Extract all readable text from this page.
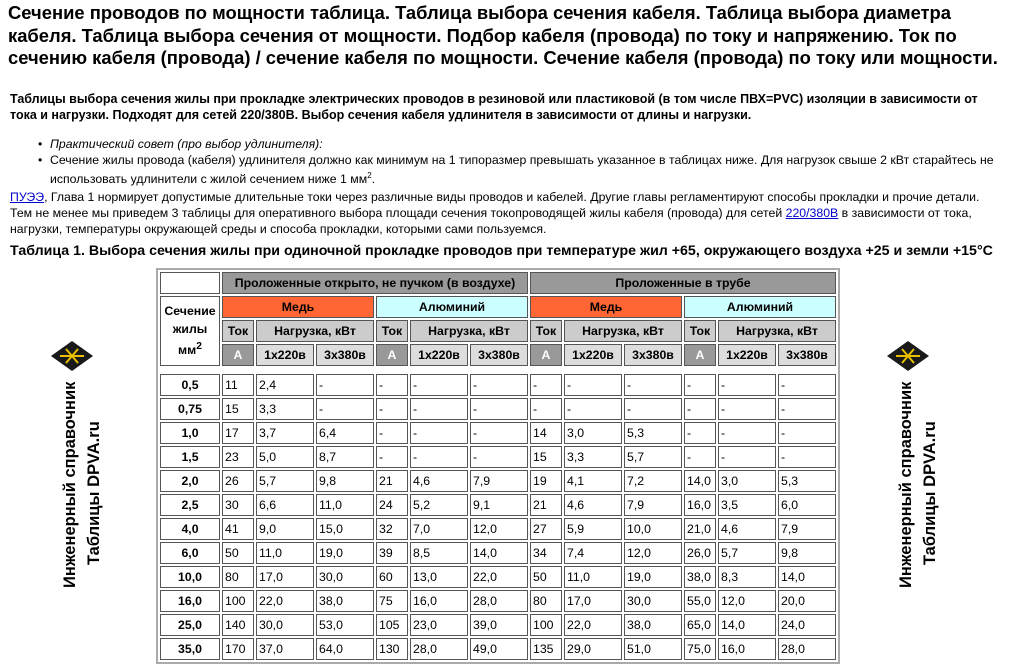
Сечение проводов по мощности таблица. Таблица выбора сечения кабеля. Таблица выбора диаметра кабеля. Таблица выбора сечения от мощности. Подбор кабеля (провода) по току и напряжению. Ток по сечению кабеля (провода) / сечение кабеля по мощности. Сечение кабеля (провода) по току или мощности.

Таблицы выбора сечения жилы при прокладке электрических проводов в резиновой или пластиковой (в том числе ПВХ=PVC) изоляции в зависимости от тока и нагрузки. Подходят для сетей 220/380В. Выбор сечения кабеля удлинителя в зависимости от длины и нагрузки.

• Практический совет (про выбор удлинителя):
• Сечение жилы провода (кабеля) удлинителя должно как минимум на 1 типоразмер превышать указанное в таблицах ниже. Для нагрузок свыше 2 кВт старайтесь не использовать удлинители с жилой сечением ниже 1 $мм^2$.

ПУЭЭ, Глава 1 нормирует допустимые длительные токи через различные виды проводов и кабелей. Другие главы регламентируют способы прокладки и прочие детали. Тем не менее мы приведем 3 таблицы для оперативного выбора площади сечения токопроводящей жилы кабеля (провода) для сетей 220/380В в зависимости от тока, нагрузки, температуры окружающей среды и способа прокладки, которыми сами пользуемся.

Таблица 1. Выбора сечения жилы при одиночной прокладке проводов при температуре жил +65, окружающего воздуха +25 и земли +15°С

	Проложенные открыто, не пучком (в воздухе)						Проложенные в трубе					
Сечение жилы $мм^2$	Медь			Алюминий			Медь			Алюминий		
	Ток	Нагрузка, кВт		Ток	Нагрузка, кВт		Ток	Нагрузка, кВт		Ток	Нагрузка, кВт	
	А	1х220в	3х380в	А	1х220в	3х380в	А	1х220в	3х380в	А	1х220в	3х380в

0,5	11	2,4	-	-	-	-	-	-	-	-	-	-
0,75	15	3,3	-	-	-	-	-	-	-	-	-	-
1,0	17	3,7	6,4	-	-	-	14	3,0	5,3	-	-	-
1,5	23	5,0	8,7	-	-	-	15	3,3	5,7	-	-	-
2,0	26	5,7	9,8	21	4,6	7,9	19	4,1	7,2	14,0	3,0	5,3
2,5	30	6,6	11,0	24	5,2	9,1	21	4,6	7,9	16,0	3,5	6,0
4,0	41	9,0	15,0	32	7,0	12,0	27	5,9	10,0	21,0	4,6	7,9
6,0	50	11,0	19,0	39	8,5	14,0	34	7,4	12,0	26,0	5,7	9,8
10,0	80	17,0	30,0	60	13,0	22,0	50	11,0	19,0	38,0	8,3	14,0
16,0	100	22,0	38,0	75	16,0	28,0	80	17,0	30,0	55,0	12,0	20,0
25,0	140	30,0	53,0	105	23,0	39,0	100	22,0	38,0	65,0	14,0	24,0
35,0	170	37,0	64,0	130	28,0	49,0	135	29,0	51,0	75,0	16,0	28,0
Инженерный справочник Таблицы DPVA.ru	Инженерный справочник Таблицы DPVA.ru
